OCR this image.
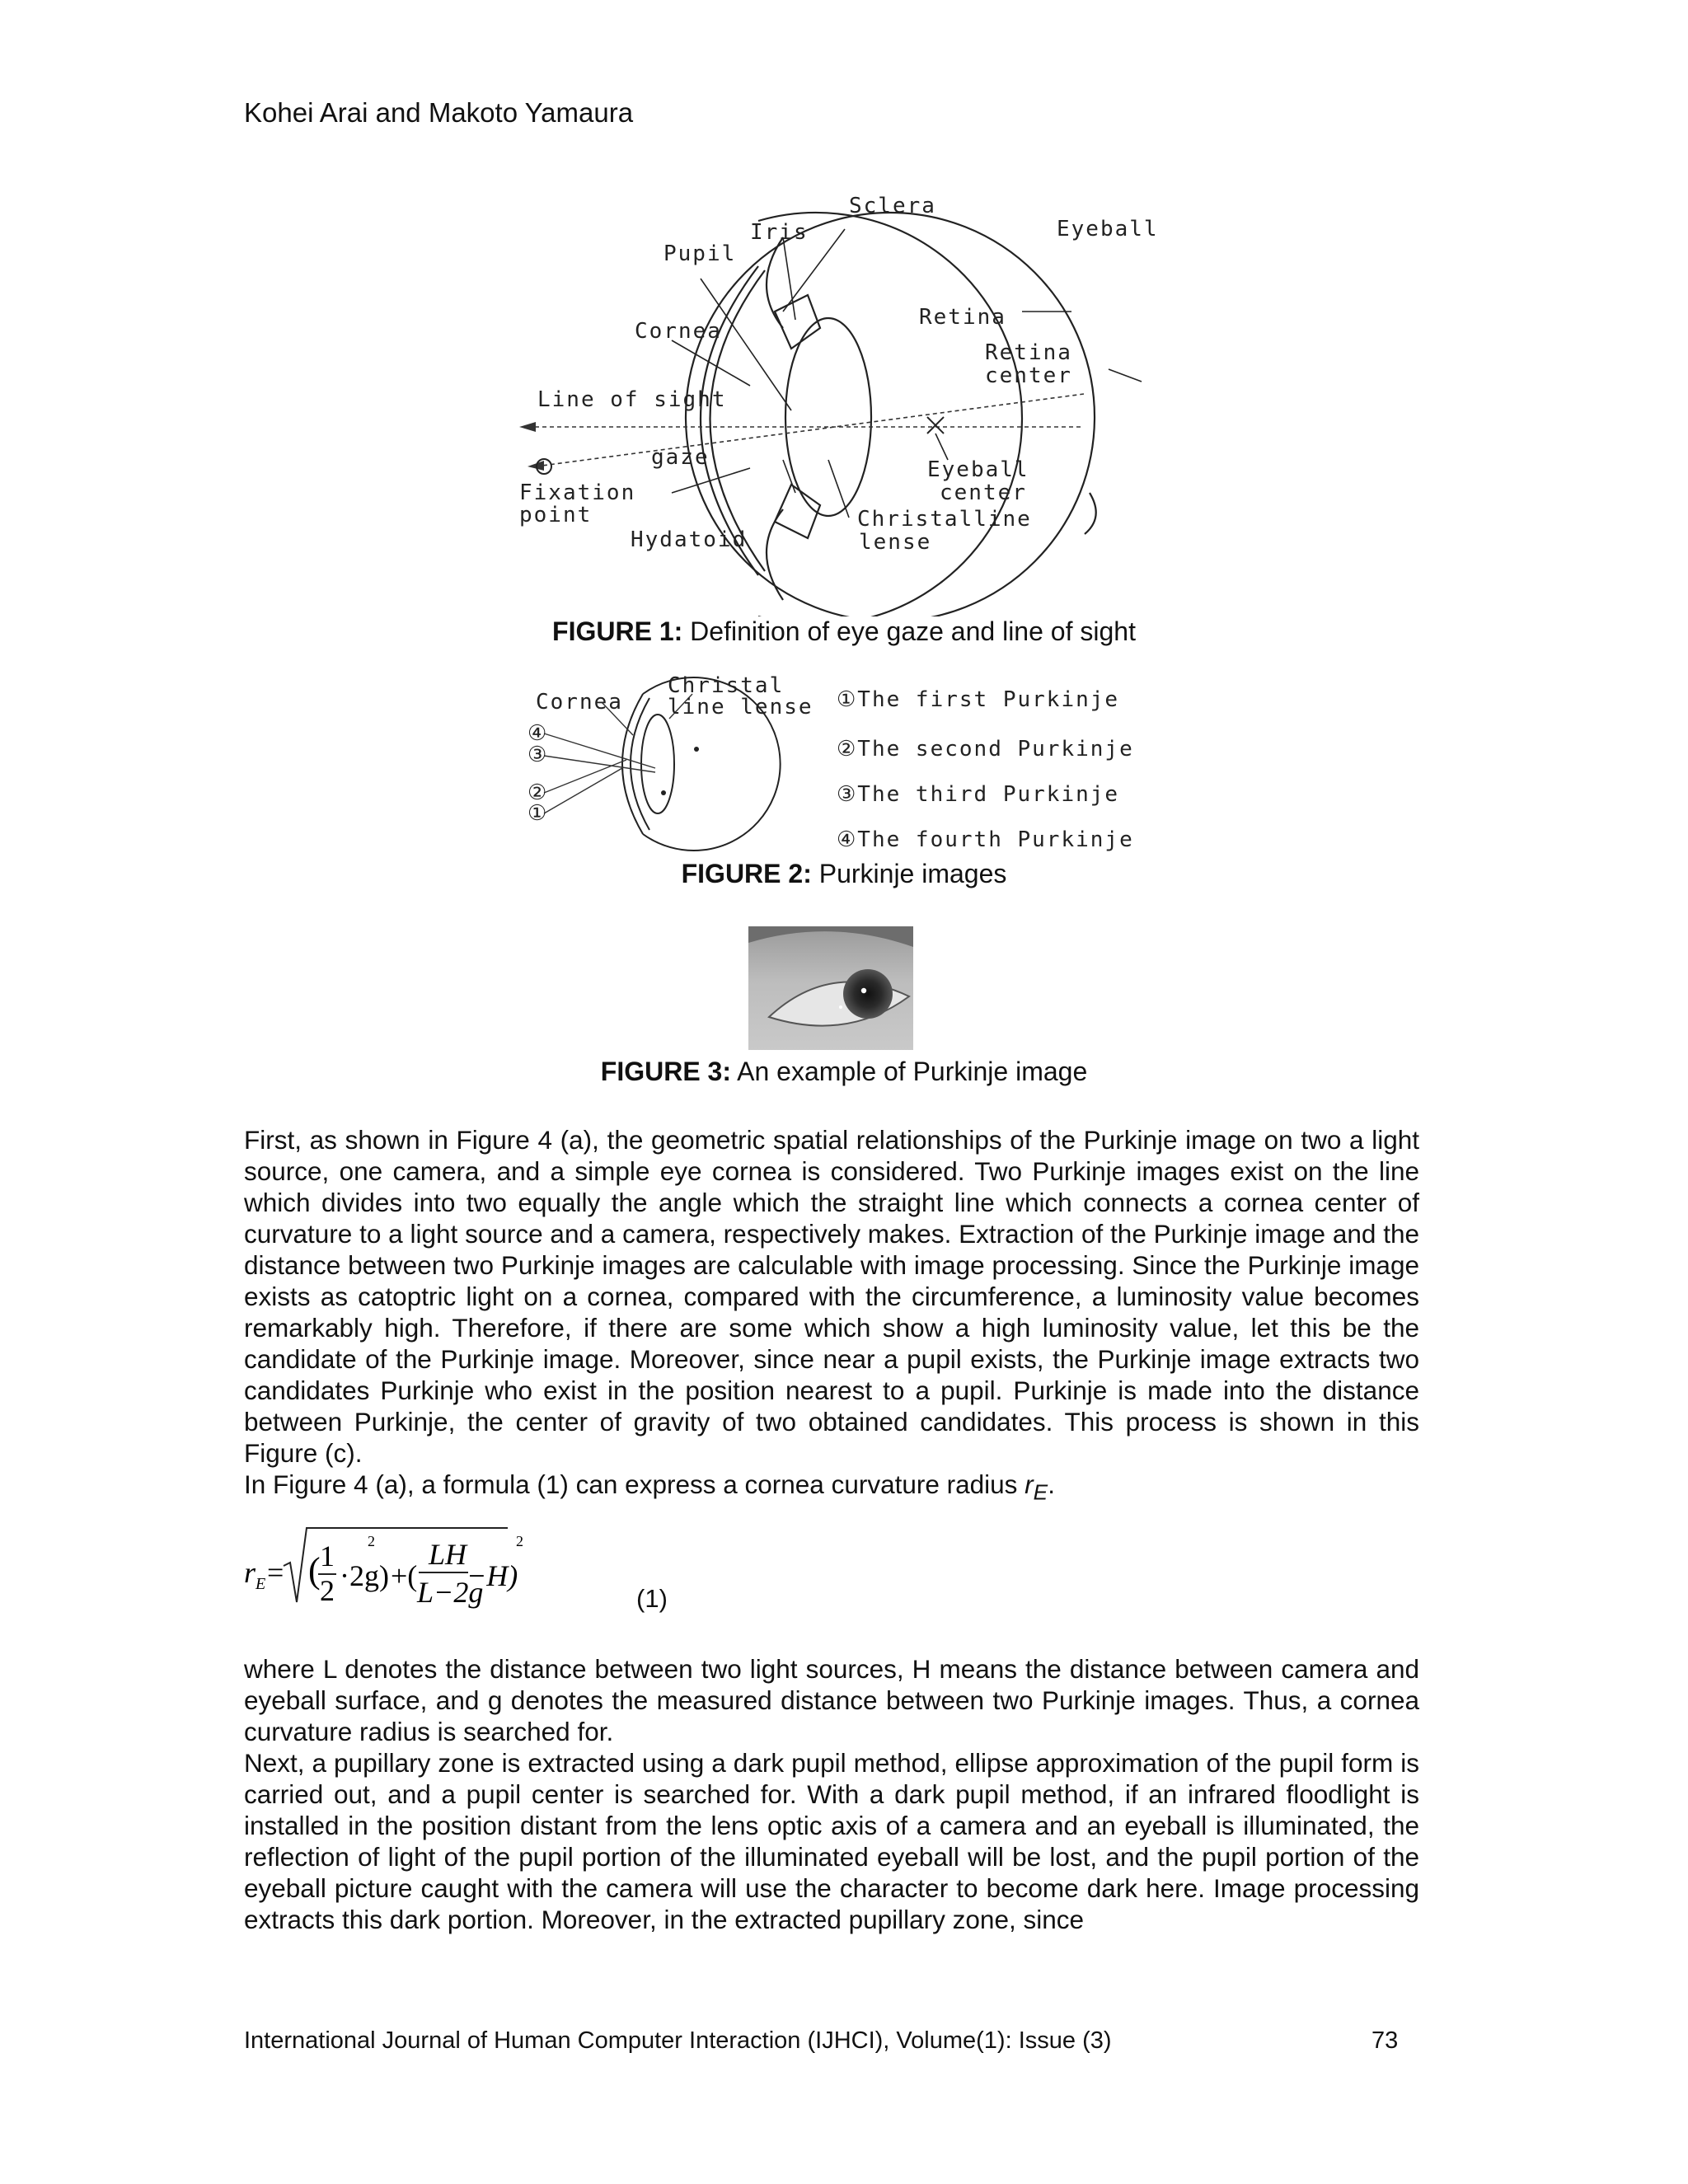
Kohei Arai and Makoto Yamaura
Sclera
Iris	Eyeball
Pupil
Retina
Cornea
Retina
center
Line of sight
gaze
Fixation
point
Eyeball
center
Christalline
lense
Hydatoid
FIGURE 1: Definition of eye gaze and line of sight
Cornea
Christal
line lense
④
③
②
①
①The first Purkinje
②The second Purkinje
③The third Purkinje
④The fourth Purkinje
FIGURE 2: Purkinje images
FIGURE 3: An example of Purkinje image

First, as shown in Figure 4 (a), the geometric spatial relationships of the Purkinje image on two a light source, one camera, and a simple eye cornea is considered. Two Purkinje images exist on the line which divides into two equally the angle which the straight line which connects a cornea center of curvature to a light source and a camera, respectively makes. Extraction of the Purkinje image and the distance between two Purkinje images are calculable with image processing. Since the Purkinje image exists as catoptric light on a cornea, compared with the circumference, a luminosity value becomes remarkably high. Therefore, if there are some which show a high luminosity value, let this be the candidate of the Purkinje image. Moreover, since near a pupil exists, the Purkinje image extracts two candidates Purkinje who exist in the position nearest to a pupil. Purkinje is made into the distance between Purkinje, the center of gravity of two obtained candidates. This process is shown in this Figure (c).

In Figure 4 (a), a formula (1) can express a cornea curvature radius $r_E$.

r E = ( 1
2 ·2g )
2
+(
LH
L−2g
−H)
2
(1)

where L denotes the distance between two light sources, H means the distance between camera and eyeball surface, and g denotes the measured distance between two Purkinje images. Thus, a cornea curvature radius is searched for.

Next, a pupillary zone is extracted using a dark pupil method, ellipse approximation of the pupil form is carried out, and a pupil center is searched for. With a dark pupil method, if an infrared floodlight is installed in the position distant from the lens optic axis of a camera and an eyeball is illuminated, the reflection of light of the pupil portion of the illuminated eyeball will be lost, and the pupil portion of the eyeball picture caught with the camera will use the character to become dark here. Image processing extracts this dark portion. Moreover, in the extracted pupillary zone, since

International Journal of Human Computer Interaction (IJHCI), Volume(1): Issue (3)	73
